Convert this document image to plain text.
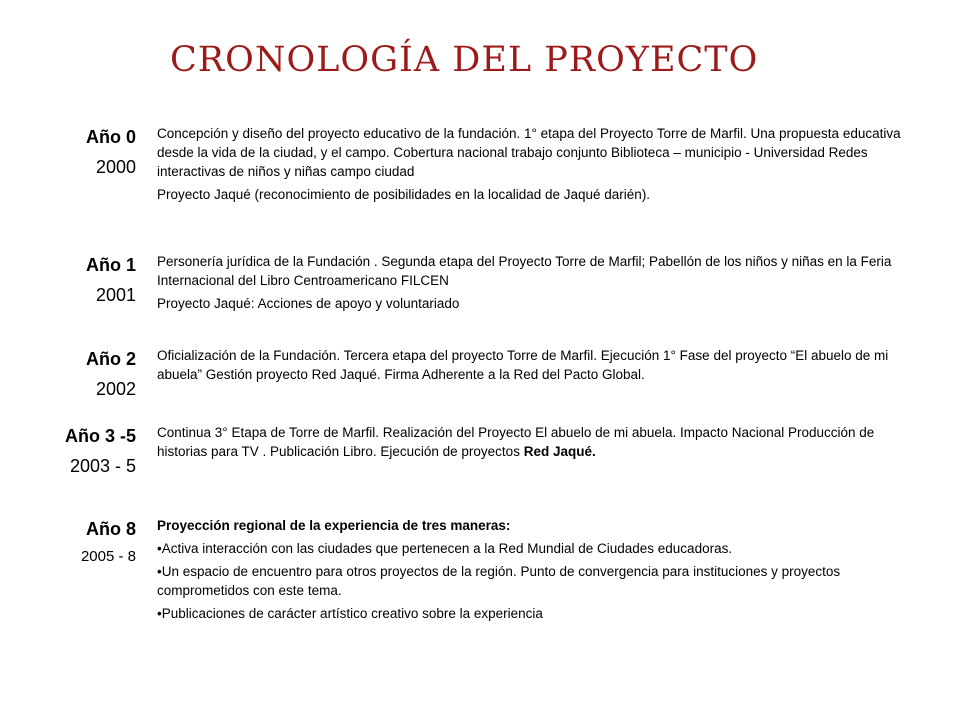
CRONOLOGÍA DEL PROYECTO
Año 0
2000

Concepción y diseño del proyecto educativo de la fundación. 1° etapa del Proyecto Torre de Marfil. Una propuesta educativa desde la vida de la ciudad, y el campo. Cobertura nacional trabajo conjunto Biblioteca – municipio - Universidad Redes interactivas de niños y niñas campo ciudad

Proyecto Jaqué (reconocimiento de posibilidades en la localidad de Jaqué darién).

Año 1
2001

Personería jurídica de la Fundación . Segunda etapa del Proyecto Torre de Marfil; Pabellón de los niños y niñas en la Feria Internacional del Libro Centroamericano FILCEN

Proyecto Jaqué: Acciones de apoyo y voluntariado

Año 2
2002

Oficialización de la Fundación. Tercera etapa del proyecto Torre de Marfil. Ejecución 1° Fase del proyecto “El abuelo de mi abuela” Gestión proyecto Red Jaqué. Firma Adherente a la Red del Pacto Global.

Año 3 -5
2003 - 5

Continua 3° Etapa de Torre de Marfil. Realización del Proyecto El abuelo de mi abuela. Impacto Nacional Producción de historias para TV . Publicación Libro. Ejecución de proyectos Red Jaqué.

Año 8
2005 - 8

Proyección regional de la experiencia de tres maneras:

•Activa interacción con las ciudades que pertenecen a la Red Mundial de Ciudades educadoras.

•Un espacio de encuentro para otros proyectos de la región. Punto de convergencia para instituciones y proyectos comprometidos con este tema.

•Publicaciones de carácter artístico creativo sobre la experiencia
